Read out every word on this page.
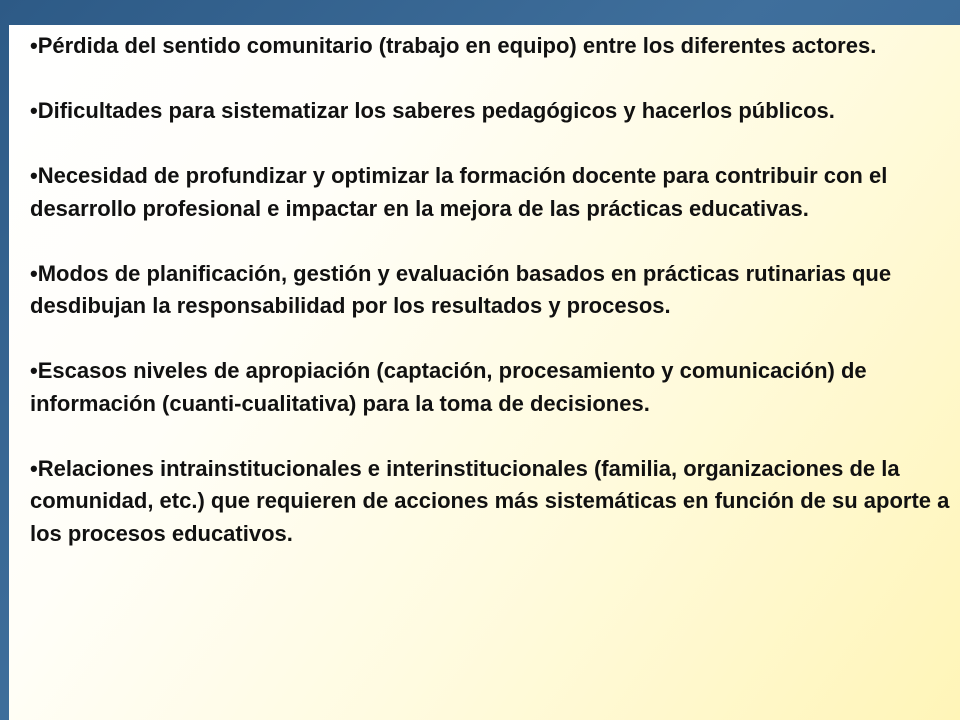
•Pérdida del sentido comunitario (trabajo en equipo) entre los diferentes actores.
•Dificultades para sistematizar los saberes pedagógicos y hacerlos públicos.
•Necesidad de profundizar y optimizar la formación docente para contribuir con el desarrollo profesional e impactar en la mejora de las prácticas educativas.
•Modos de planificación, gestión y evaluación basados en prácticas rutinarias que desdibujan la responsabilidad por los resultados y procesos.
•Escasos niveles de apropiación (captación, procesamiento y comunicación) de información (cuanti-cualitativa) para la toma de decisiones.
•Relaciones intrainstitucionales e interinstitucionales (familia, organizaciones de la comunidad, etc.) que requieren de acciones más sistemáticas en función de su aporte a los procesos educativos.
